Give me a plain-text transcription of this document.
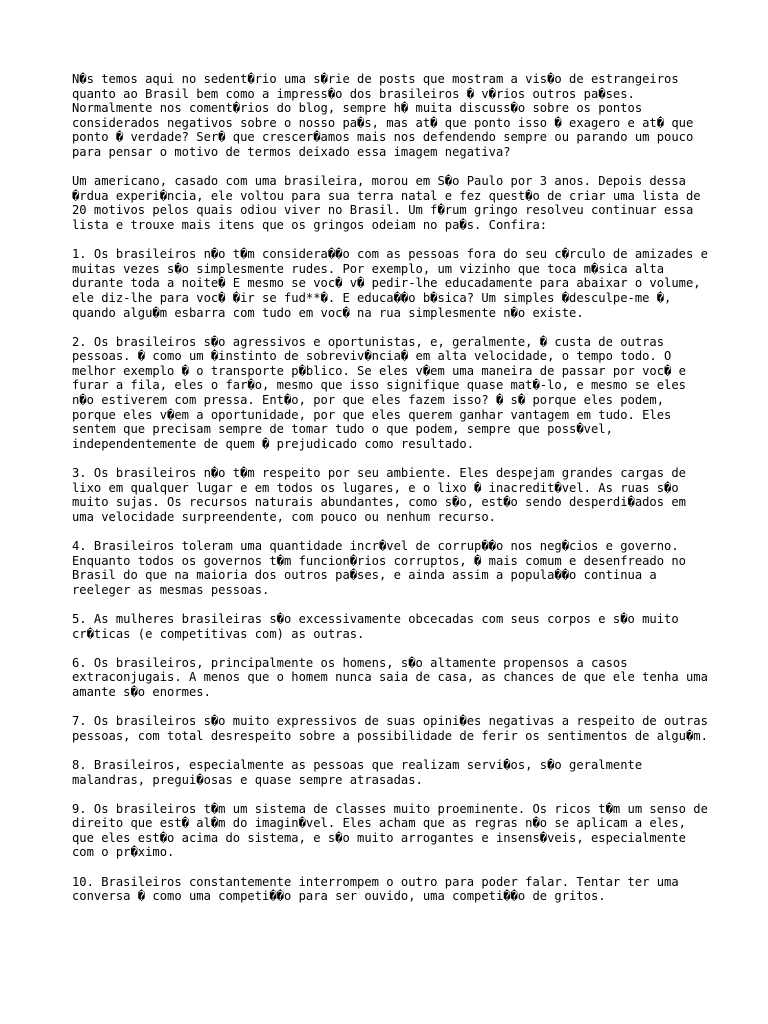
N�s temos aqui no sedent�rio uma s�rie de posts que mostram a vis�o de estrangeiros quanto ao Brasil bem como a impress�o dos brasileiros � v�rios outros pa�ses. Normalmente nos coment�rios do blog, sempre h� muita discuss�o sobre os pontos considerados negativos sobre o nosso pa�s, mas at� que ponto isso � exagero e at� que ponto � verdade? Ser� que crescer�amos mais nos defendendo sempre ou parando um pouco para pensar o motivo de termos deixado essa imagem negativa?

Um americano, casado com uma brasileira, morou em S�o Paulo por 3 anos. Depois dessa �rdua experi�ncia, ele voltou para sua terra natal e fez quest�o de criar uma lista de 20 motivos pelos quais odiou viver no Brasil. Um f�rum gringo resolveu continuar essa lista e trouxe mais itens que os gringos odeiam no pa�s. Confira:

1. Os brasileiros n�o t�m considera��o com as pessoas fora do seu c�rculo de amizades e muitas vezes s�o simplesmente rudes. Por exemplo, um vizinho que toca m�sica alta durante toda a noite� E mesmo se voc� v� pedir-lhe educadamente para abaixar o volume, ele diz-lhe para voc� �ir se fud**�. E educa��o b�sica? Um simples �desculpe-me �, quando algu�m esbarra com tudo em voc� na rua simplesmente n�o existe.

2. Os brasileiros s�o agressivos e oportunistas, e, geralmente, � custa de outras pessoas. � como um �instinto de sobreviv�ncia� em alta velocidade, o tempo todo. O melhor exemplo � o transporte p�blico. Se eles v�em uma maneira de passar por voc� e furar a fila, eles o far�o, mesmo que isso signifique quase mat�-lo, e mesmo se eles n�o estiverem com pressa. Ent�o, por que eles fazem isso? � s� porque eles podem, porque eles v�em a oportunidade, por que eles querem ganhar vantagem em tudo. Eles sentem que precisam sempre de tomar tudo o que podem, sempre que poss�vel, independentemente de quem � prejudicado como resultado.

3. Os brasileiros n�o t�m respeito por seu ambiente. Eles despejam grandes cargas de lixo em qualquer lugar e em todos os lugares, e o lixo � inacredit�vel. As ruas s�o muito sujas. Os recursos naturais abundantes, como s�o, est�o sendo desperdi�ados em uma velocidade surpreendente, com pouco ou nenhum recurso.

4. Brasileiros toleram uma quantidade incr�vel de corrup��o nos neg�cios e governo. Enquanto todos os governos t�m funcion�rios corruptos, � mais comum e desenfreado no Brasil do que na maioria dos outros pa�ses, e ainda assim a popula��o continua a reeleger as mesmas pessoas.

5. As mulheres brasileiras s�o excessivamente obcecadas com seus corpos e s�o muito cr�ticas (e competitivas com) as outras.

6. Os brasileiros, principalmente os homens, s�o altamente propensos a casos extraconjugais. A menos que o homem nunca saia de casa, as chances de que ele tenha uma amante s�o enormes.

7. Os brasileiros s�o muito expressivos de suas opini�es negativas a respeito de outras pessoas, com total desrespeito sobre a possibilidade de ferir os sentimentos de algu�m.

8. Brasileiros, especialmente as pessoas que realizam servi�os, s�o geralmente malandras, pregui�osas e quase sempre atrasadas.

9. Os brasileiros t�m um sistema de classes muito proeminente. Os ricos t�m um senso de direito que est� al�m do imagin�vel. Eles acham que as regras n�o se aplicam a eles, que eles est�o acima do sistema, e s�o muito arrogantes e insens�veis, especialmente com o pr�ximo.

10. Brasileiros constantemente interrompem o outro para poder falar. Tentar ter uma conversa � como uma competi��o para ser ouvido, uma competi��o de gritos.
